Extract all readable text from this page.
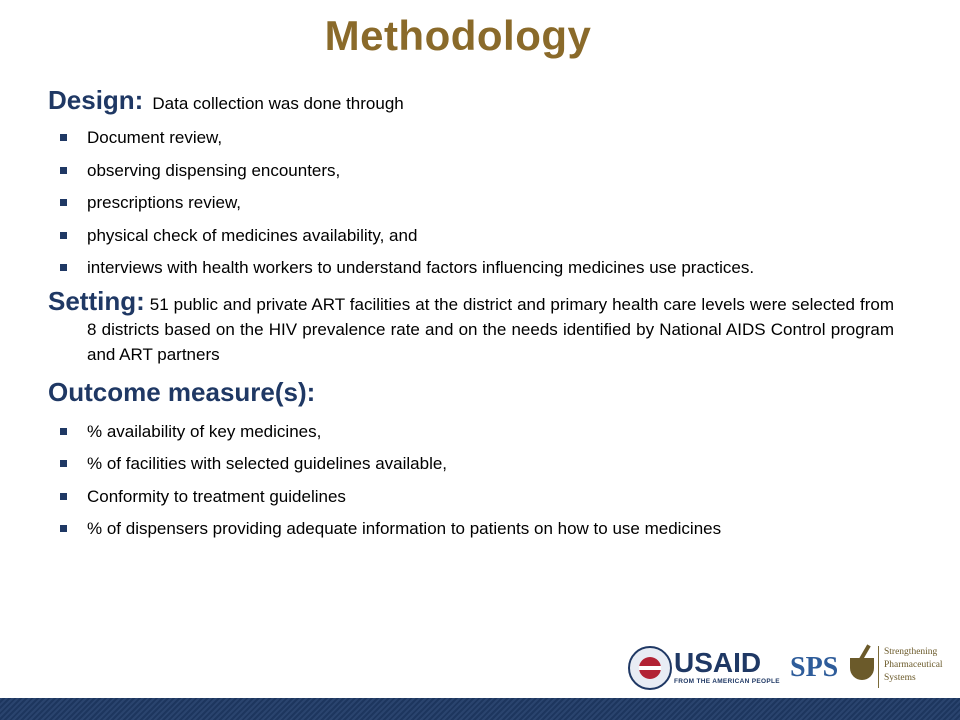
Methodology
Design: Data collection was done through
Document review,
observing dispensing encounters,
prescriptions review,
physical check of medicines availability, and
interviews with health workers to understand factors influencing medicines use practices.
Setting: 51 public and private ART facilities at the district and primary health care levels were selected from 8 districts based on the HIV prevalence rate and on the needs identified by National AIDS Control program and ART partners
Outcome measure(s):
% availability of key medicines,
% of facilities with selected guidelines available,
Conformity to treatment guidelines
% of dispensers providing adequate information to patients on how to use medicines
USAID
FROM THE AMERICAN PEOPLE SPS	Strengthening
Pharmaceutical
Systems
